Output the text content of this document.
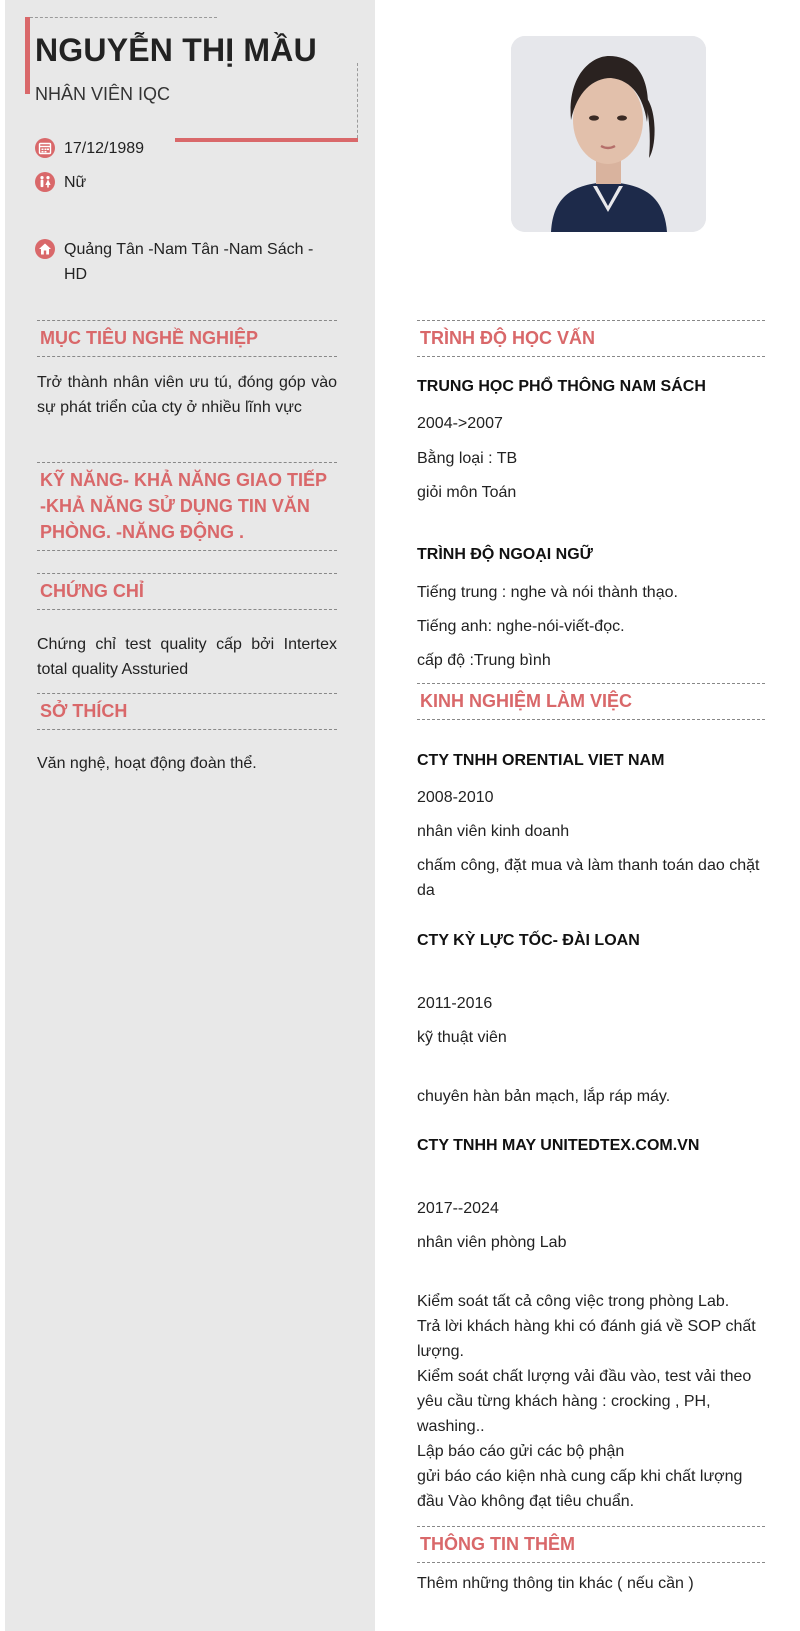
NGUYỄN THỊ MẦU
NHÂN VIÊN IQC
17/12/1989
Nữ
Quảng Tân -Nam Tân -Nam Sách -HD
MỤC TIÊU NGHỀ NGHIỆP
Trở thành nhân viên ưu tú, đóng góp vào sự phát triển của cty ở nhiều lĩnh vực
KỸ NĂNG- KHẢ NĂNG GIAO TIẾP -KHẢ NĂNG SỬ DỤNG TIN VĂN PHÒNG. -NĂNG ĐỘNG .
CHỨNG CHỈ
Chứng chỉ test quality cấp bởi Intertex total quality Assturied
SỞ THÍCH
Văn nghệ, hoạt động đoàn thể.
TRÌNH ĐỘ HỌC VẤN
TRUNG HỌC PHỔ THÔNG NAM SÁCH
2004->2007
Bằng loại : TB
giỏi môn Toán
TRÌNH ĐỘ NGOẠI NGỮ
Tiếng trung : nghe và nói thành thạo.
Tiếng anh: nghe-nói-viết-đọc.
cấp độ :Trung bình
KINH NGHIỆM LÀM VIỆC
CTY TNHH ORENTIAL VIET NAM
2008-2010
nhân viên kinh doanh
chấm công, đặt mua và làm thanh toán dao chặt da
CTY KỲ LỰC TỐC- ĐÀI LOAN
2011-2016
kỹ thuật viên
chuyên hàn bản mạch, lắp ráp máy.
CTY TNHH MAY UNITEDTEX.COM.VN
2017--2024
nhân viên phòng Lab
Kiểm soát tất cả công việc trong phòng Lab.
Trả lời khách hàng khi có đánh giá về SOP chất lượng.
Kiểm soát chất lượng vải đầu vào, test vải theo yêu cầu từng khách hàng : crocking , PH, washing..
Lập báo cáo gửi các bộ phận
gửi báo cáo kiện nhà cung cấp khi chất lượng đầu Vào không đạt tiêu chuẩn.
THÔNG TIN THÊM
Thêm những thông tin khác ( nếu cần )
